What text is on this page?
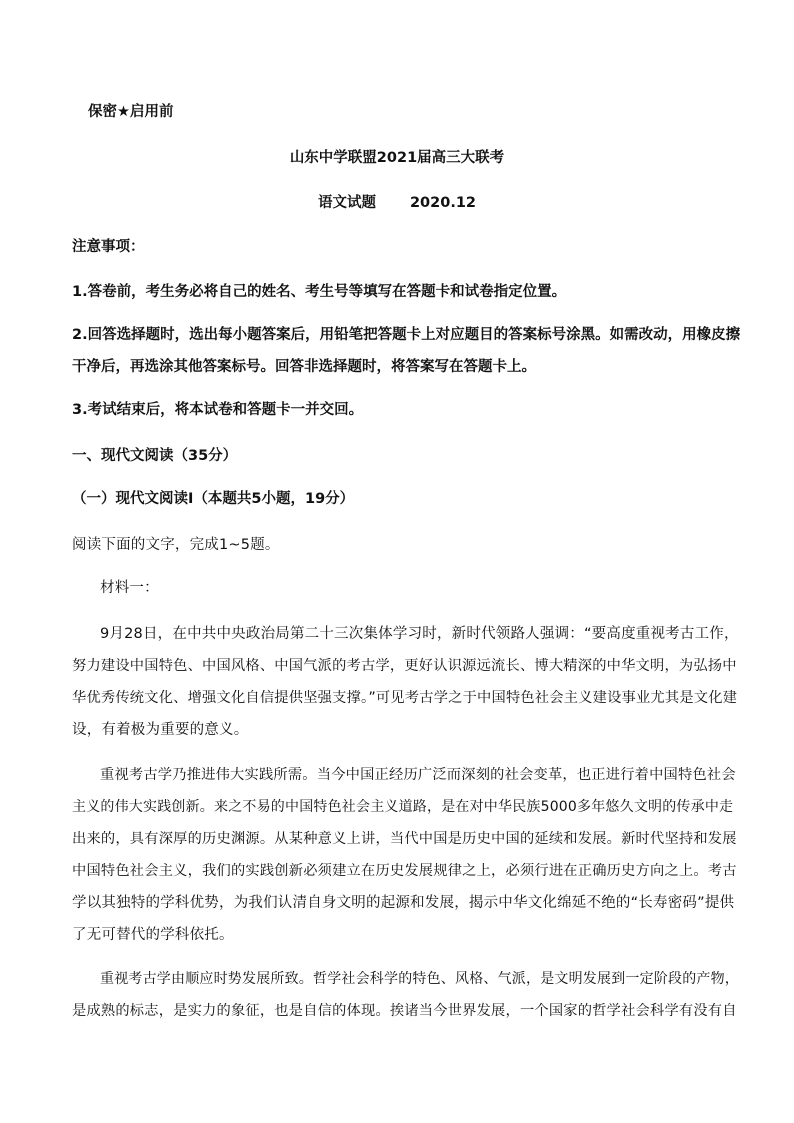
保密★启用前
山东中学联盟2021届高三大联考
语文试题 2020.12
注意事项：
1.答卷前，考生务必将自己的姓名、考生号等填写在答题卡和试卷指定位置。
2.回答选择题时，选出每小题答案后，用铅笔把答题卡上对应题目的答案标号涂黑。如需改动，用橡皮擦
干净后，再选涂其他答案标号。回答非选择题时，将答案写在答题卡上。
3.考试结束后，将本试卷和答题卡一并交回。
一、现代文阅读（35分）
（一）现代文阅读Ⅰ（本题共5小题，19分）
阅读下面的文字，完成1~5题。
材料一：
9月28日，在中共中央政治局第二十三次集体学习时，新时代领路人强调：“要高度重视考古工作，
努力建设中国特色、中国风格、中国气派的考古学，更好认识源远流长、博大精深的中华文明，为弘扬中
华优秀传统文化、增强文化自信提供坚强支撑。”可见考古学之于中国特色社会主义建设事业尤其是文化建
设，有着极为重要的意义。
重视考古学乃推进伟大实践所需。当今中国正经历广泛而深刻的社会变革，也正进行着中国特色社会
主义的伟大实践创新。来之不易的中国特色社会主义道路，是在对中华民族5000多年悠久文明的传承中走
出来的，具有深厚的历史渊源。从某种意义上讲，当代中国是历史中国的延续和发展。新时代坚持和发展
中国特色社会主义，我们的实践创新必须建立在历史发展规律之上，必须行进在正确历史方向之上。考古
学以其独特的学科优势，为我们认清自身文明的起源和发展，揭示中华文化绵延不绝的“长寿密码”提供
了无可替代的学科依托。
重视考古学由顺应时势发展所致。哲学社会科学的特色、风格、气派，是文明发展到一定阶段的产物，
是成熟的标志，是实力的象征，也是自信的体现。挨诸当今世界发展，一个国家的哲学社会科学有没有自
